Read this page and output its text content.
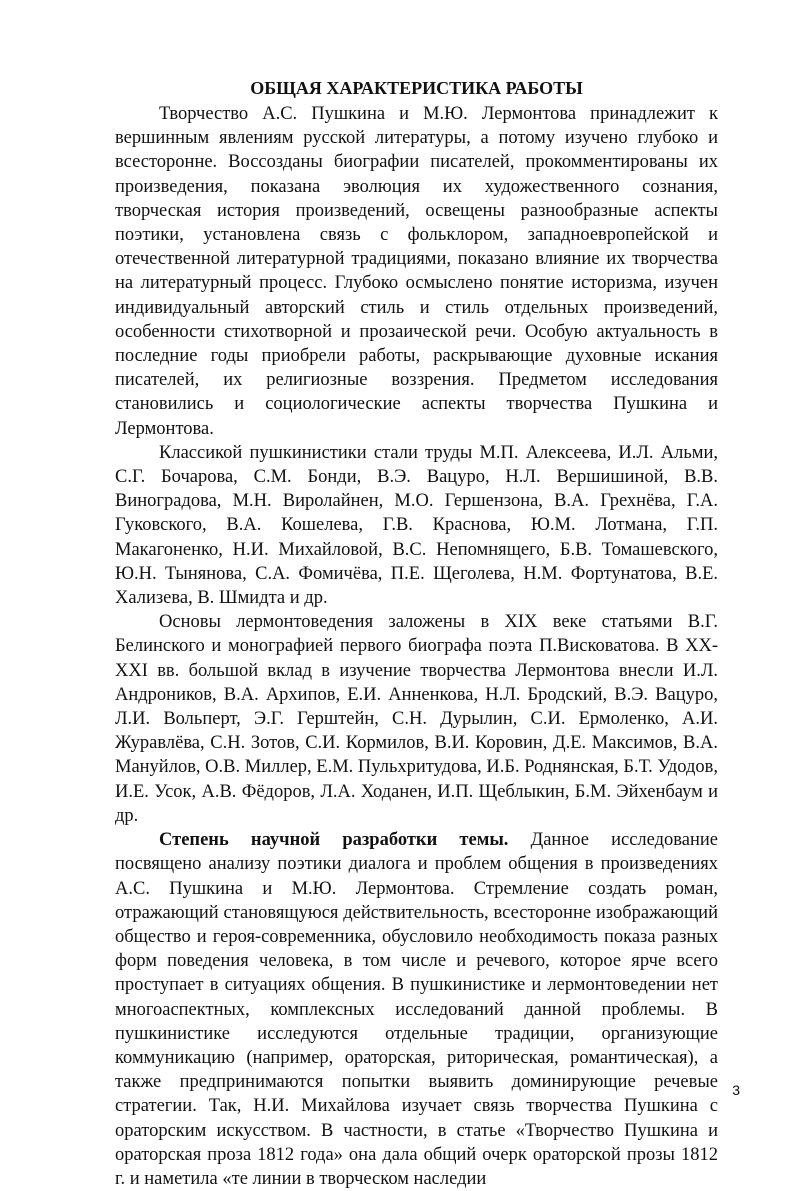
ОБЩАЯ ХАРАКТЕРИСТИКА РАБОТЫ

Творчество А.С. Пушкина и М.Ю. Лермонтова принадлежит к вершинным явлениям русской литературы, а потому изучено глубоко и всесторонне. Воссозданы биографии писателей, прокомментированы их произведения, показана эволюция их художественного сознания, творческая история произведений, освещены разнообразные аспекты поэтики, установлена связь с фольклором, западноевропейской и отечественной литературной традициями, показано влияние их творчества на литературный процесс. Глубоко осмыслено понятие историзма, изучен индивидуальный авторский стиль и стиль отдельных произведений, особенности стихотворной и прозаической речи. Особую актуальность в последние годы приобрели работы, раскрывающие духовные искания писателей, их религиозные воззрения. Предметом исследования становились и социологические аспекты творчества Пушкина и Лермонтова.

Классикой пушкинистики стали труды М.П. Алексеева, И.Л. Альми, С.Г. Бочарова, С.М. Бонди, В.Э. Вацуро, Н.Л. Вершишиной, В.В. Виноградова, М.Н. Виролайнен, М.О. Гершензона, В.А. Грехнёва, Г.А. Гуковского, В.А. Кошелева, Г.В. Краснова, Ю.М. Лотмана, Г.П. Макагоненко, Н.И. Михайловой, В.С. Непомнящего, Б.В. Томашевского, Ю.Н. Тынянова, С.А. Фомичёва, П.Е. Щеголева, Н.М. Фортунатова, В.Е. Хализева, В. Шмидта и др.

Основы лермонтоведения заложены в XIX веке статьями В.Г. Белинского и монографией первого биографа поэта П.Висковатова. В XX-XXI вв. большой вклад в изучение творчества Лермонтова внесли И.Л. Андроников, В.А. Архипов, Е.И. Анненкова, Н.Л. Бродский, В.Э. Вацуро, Л.И. Вольперт, Э.Г. Герштейн, С.Н. Дурылин, С.И. Ермоленко, А.И. Журавлёва, С.Н. Зотов, С.И. Кормилов, В.И. Коровин, Д.Е. Максимов, В.А. Мануйлов, О.В. Миллер, Е.М. Пульхритудова, И.Б. Роднянская, Б.Т. Удодов, И.Е. Усок, А.В. Фёдоров, Л.А. Ходанен, И.П. Щеблыкин, Б.М. Эйхенбаум и др.

Степень научной разработки темы. Данное исследование посвящено анализу поэтики диалога и проблем общения в произведениях А.С. Пушкина и М.Ю. Лермонтова. Стремление создать роман, отражающий становящуюся действительность, всесторонне изображающий общество и героя-современника, обусловило необходимость показа разных форм поведения человека, в том числе и речевого, которое ярче всего проступает в ситуациях общения. В пушкинистике и лермонтоведении нет многоаспектных, комплексных исследований данной проблемы. В пушкинистике исследуются отдельные традиции, организующие коммуникацию (например, ораторская, риторическая, романтическая), а также предпринимаются попытки выявить доминирующие речевые стратегии. Так, Н.И. Михайлова изучает связь творчества Пушкина с ораторским искусством. В частности, в статье «Творчество Пушкина и ораторская проза 1812 года» она дала общий очерк ораторской прозы 1812 г. и наметила «те линии в творческом наследии

3
